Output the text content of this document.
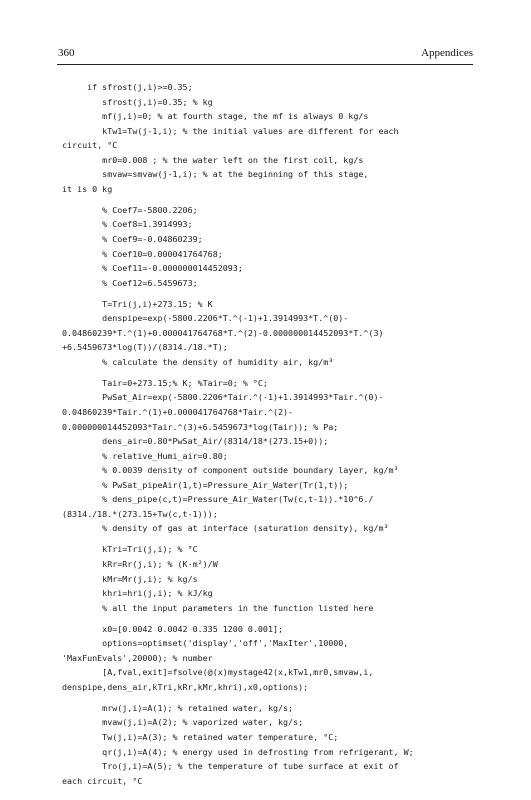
360	Appendices
if sfrost(j,i)>=0.35;
sfrost(j,i)=0.35; % kg
mf(j,i)=0; % at fourth stage, the mf is always 0 kg/s
kTw1=Tw(j-1,i); % the initial values are different for each
circuit, °C
mr0=0.008 ; % the water left on the first coil, kg/s
smvaw=smvaw(j-1,i); % at the beginning of this stage,
it is 0 kg
% Coef7=-5800.2206;
% Coef8=1.3914993;
% Coef9=-0.04860239;
% Coef10=0.000041764768;
% Coef11=-0.000000014452093;
% Coef12=6.5459673;
T=Tri(j,i)+273.15; % K
denspipe=exp(-5800.2206*T.^(-1)+1.3914993*T.^(0)-
0.04860239*T.^(1)+0.000041764768*T.^(2)-0.000000014452093*T.^(3)
+6.5459673*log(T))/(8314./18.*T);
% calculate the density of humidity air, kg/m³
Tair=0+273.15;% K; %Tair=0; % °C;
PwSat_Air=exp(-5800.2206*Tair.^(-1)+1.3914993*Tair.^(0)-
0.04860239*Tair.^(1)+0.000041764768*Tair.^(2)-
0.000000014452093*Tair.^(3)+6.5459673*log(Tair)); % Pa;
dens_air=0.80*PwSat_Air/(8314/18*(273.15+0));
% relative_Humi_air=0.80;
% 0.0039 density of component outside boundary layer, kg/m³
% PwSat_pipeAir(1,t)=Pressure_Air_Water(Tr(1,t));
% dens_pipe(c,t)=Pressure_Air_Water(Tw(c,t-1)).*10^6./
(8314./18.*(273.15+Tw(c,t-1)));
% density of gas at interface (saturation density), kg/m³
kTri=Tri(j,i); % °C
kRr=Rr(j,i); % (K·m²)/W
kMr=Mr(j,i); % kg/s
khri=hri(j,i); % kJ/kg
% all the input parameters in the function listed here
x0=[0.0042 0.0042 0.335 1200 0.001];
options=optimset('display','off','MaxIter',10000,
'MaxFunEvals',20000); % number
[A,fval,exit]=fsolve(@(x)mystage42(x,kTw1,mr0,smvaw,i,
denspipe,dens_air,kTri,kRr,kMr,khri),x0,options);
mrw(j,i)=A(1); % retained water, kg/s;
mvaw(j,i)=A(2); % vaporized water, kg/s;
Tw(j,i)=A(3); % retained water temperature, °C;
qr(j,i)=A(4); % energy used in defrosting from refrigerant, W;
Tro(j,i)=A(5); % the temperature of tube surface at exit of
each circuit, °C
